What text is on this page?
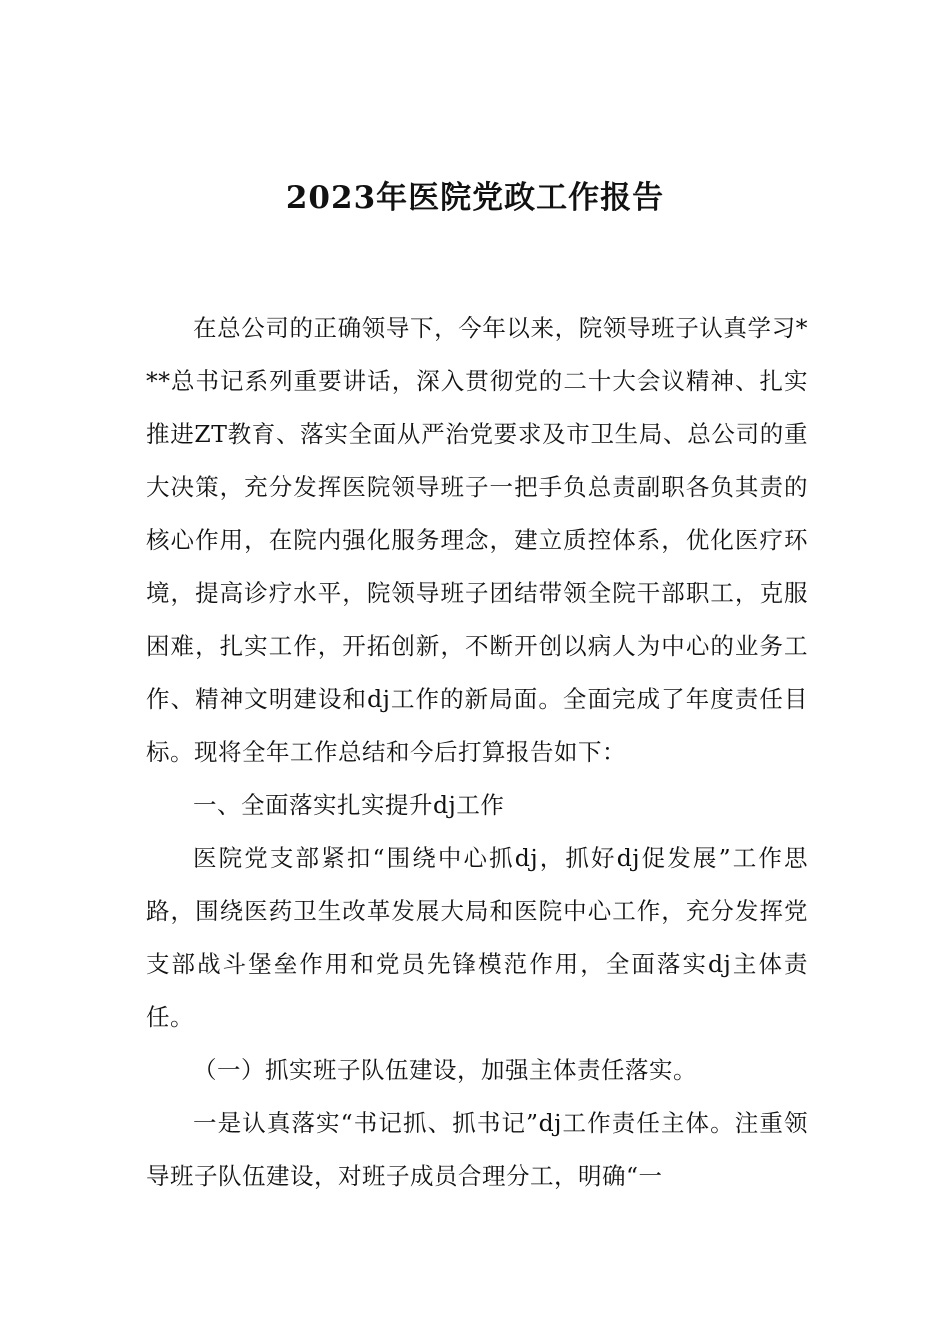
2023年医院党政工作报告

在总公司的正确领导下，今年以来，院领导班子认真学习***总书记系列重要讲话，深入贯彻党的二十大会议精神、扎实推进ZT教育、落实全面从严治党要求及市卫生局、总公司的重大决策，充分发挥医院领导班子一把手负总责副职各负其责的核心作用，在院内强化服务理念，建立质控体系，优化医疗环境，提高诊疗水平，院领导班子团结带领全院干部职工，克服困难，扎实工作，开拓创新，不断开创以病人为中心的业务工作、精神文明建设和dj工作的新局面。全面完成了年度责任目标。现将全年工作总结和今后打算报告如下：

一、全面落实扎实提升dj工作

医院党支部紧扣“围绕中心抓dj，抓好dj促发展”工作思路，围绕医药卫生改革发展大局和医院中心工作，充分发挥党支部战斗堡垒作用和党员先锋模范作用，全面落实dj主体责任。

（一）抓实班子队伍建设，加强主体责任落实。

一是认真落实“书记抓、抓书记”dj工作责任主体。注重领导班子队伍建设，对班子成员合理分工，明确“一
